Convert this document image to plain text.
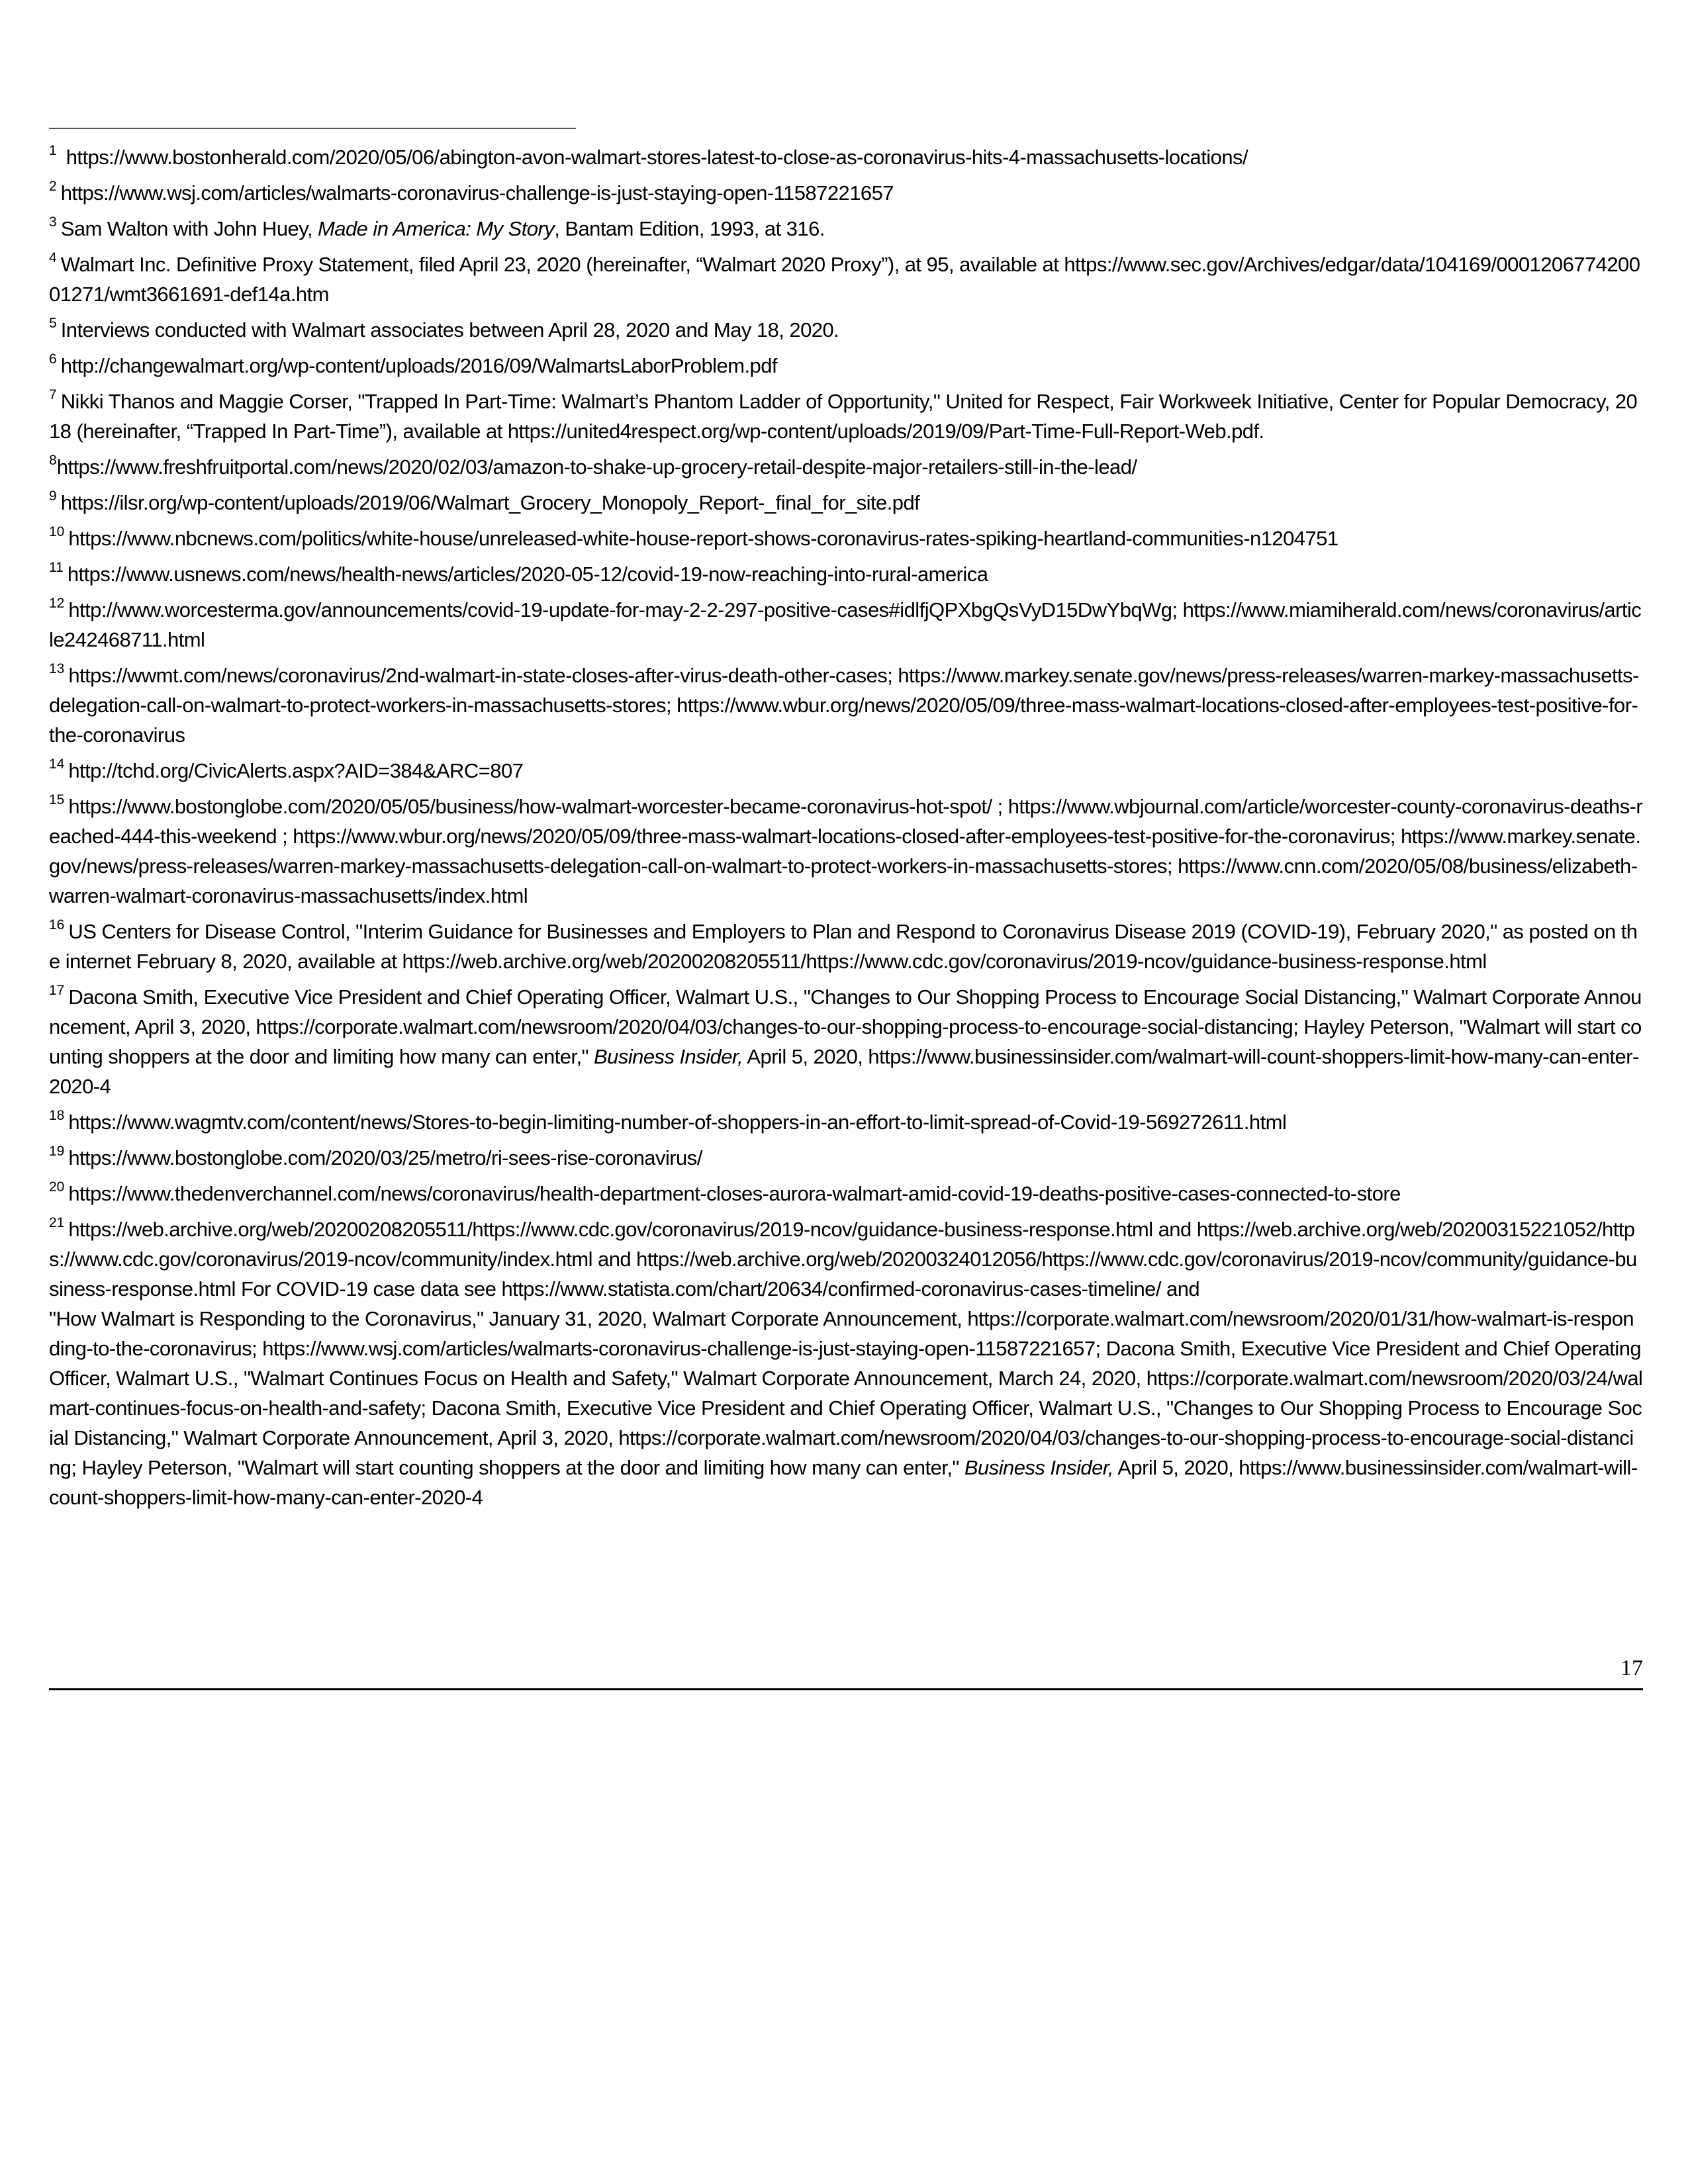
$^1$ https://www.bostonherald.com/2020/05/06/abington-avon-walmart-stores-latest-to-close-as-coronavirus-hits-4-massachusetts-locations/

$^2$ https://www.wsj.com/articles/walmarts-coronavirus-challenge-is-just-staying-open-11587221657

$^3$ Sam Walton with John Huey, Made in America: My Story, Bantam Edition, 1993, at 316.

$^4$ Walmart Inc. Definitive Proxy Statement, filed April 23, 2020 (hereinafter, “Walmart 2020 Proxy”), at 95, available at https://www.sec.gov/Archives/edgar/data/104169/000120677420001271/wmt3661691-def14a.htm

$^5$ Interviews conducted with Walmart associates between April 28, 2020 and May 18, 2020.

$^6$ http://changewalmart.org/wp-content/uploads/2016/09/WalmartsLaborProblem.pdf

$^7$ Nikki Thanos and Maggie Corser, "Trapped In Part-Time: Walmart’s Phantom Ladder of Opportunity," United for Respect, Fair Workweek Initiative, Center for Popular Democracy, 2018 (hereinafter, “Trapped In Part-Time”), available at https://united4respect.org/wp-content/uploads/2019/09/Part-Time-Full-Report-Web.pdf.

$^8$https://www.freshfruitportal.com/news/2020/02/03/amazon-to-shake-up-grocery-retail-despite-major-retailers-still-in-the-lead/

$^9$ https://ilsr.org/wp-content/uploads/2019/06/Walmart_Grocery_Monopoly_Report-_final_for_site.pdf

$^{10}$ https://www.nbcnews.com/politics/white-house/unreleased-white-house-report-shows-coronavirus-rates-spiking-heartland-communities-n1204751

$^{11}$ https://www.usnews.com/news/health-news/articles/2020-05-12/covid-19-now-reaching-into-rural-america

$^{12}$ http://www.worcesterma.gov/announcements/covid-19-update-for-may-2-2-297-positive-cases#idlfjQPXbgQsVyD15DwYbqWg; https://www.miamiherald.com/news/coronavirus/article242468711.html

$^{13}$ https://wwmt.com/news/coronavirus/2nd-walmart-in-state-closes-after-virus-death-other-cases; https://www.markey.senate.gov/news/press-releases/warren-markey-massachusetts-delegation-call-on-walmart-to-protect-workers-in-massachusetts-stores; https://www.wbur.org/news/2020/05/09/three-mass-walmart-locations-closed-after-employees-test-positive-for-the-coronavirus

$^{14}$ http://tchd.org/CivicAlerts.aspx?AID=384&ARC=807

$^{15}$ https://www.bostonglobe.com/2020/05/05/business/how-walmart-worcester-became-coronavirus-hot-spot/ ; https://www.wbjournal.com/article/worcester-county-coronavirus-deaths-reached-444-this-weekend ; https://www.wbur.org/news/2020/05/09/three-mass-walmart-locations-closed-after-employees-test-positive-for-the-coronavirus; https://www.markey.senate.gov/news/press-releases/warren-markey-massachusetts-delegation-call-on-walmart-to-protect-workers-in-massachusetts-stores; https://www.cnn.com/2020/05/08/business/elizabeth-warren-walmart-coronavirus-massachusetts/index.html

$^{16}$ US Centers for Disease Control, "Interim Guidance for Businesses and Employers to Plan and Respond to Coronavirus Disease 2019 (COVID-19), February 2020," as posted on the internet February 8, 2020, available at https://web.archive.org/web/20200208205511/https://www.cdc.gov/coronavirus/2019-ncov/guidance-business-response.html

$^{17}$ Dacona Smith, Executive Vice President and Chief Operating Officer, Walmart U.S., "Changes to Our Shopping Process to Encourage Social Distancing," Walmart Corporate Announcement, April 3, 2020, https://corporate.walmart.com/newsroom/2020/04/03/changes-to-our-shopping-process-to-encourage-social-distancing; Hayley Peterson, "Walmart will start counting shoppers at the door and limiting how many can enter," Business Insider, April 5, 2020, https://www.businessinsider.com/walmart-will-count-shoppers-limit-how-many-can-enter-2020-4

$^{18}$ https://www.wagmtv.com/content/news/Stores-to-begin-limiting-number-of-shoppers-in-an-effort-to-limit-spread-of-Covid-19-569272611.html

$^{19}$ https://www.bostonglobe.com/2020/03/25/metro/ri-sees-rise-coronavirus/

$^{20}$ https://www.thedenverchannel.com/news/coronavirus/health-department-closes-aurora-walmart-amid-covid-19-deaths-positive-cases-connected-to-store

$^{21}$ https://web.archive.org/web/20200208205511/https://www.cdc.gov/coronavirus/2019-ncov/guidance-business-response.html and https://web.archive.org/web/20200315221052/https://www.cdc.gov/coronavirus/2019-ncov/community/index.html and https://web.archive.org/web/20200324012056/https://www.cdc.gov/coronavirus/2019-ncov/community/guidance-business-response.html For COVID-19 case data see https://www.statista.com/chart/20634/confirmed-coronavirus-cases-timeline/ and
"How Walmart is Responding to the Coronavirus," January 31, 2020, Walmart Corporate Announcement, https://corporate.walmart.com/newsroom/2020/01/31/how-walmart-is-responding-to-the-coronavirus; https://www.wsj.com/articles/walmarts-coronavirus-challenge-is-just-staying-open-11587221657; Dacona Smith, Executive Vice President and Chief Operating Officer, Walmart U.S., "Walmart Continues Focus on Health and Safety," Walmart Corporate Announcement, March 24, 2020, https://corporate.walmart.com/newsroom/2020/03/24/walmart-continues-focus-on-health-and-safety; Dacona Smith, Executive Vice President and Chief Operating Officer, Walmart U.S., "Changes to Our Shopping Process to Encourage Social Distancing," Walmart Corporate Announcement, April 3, 2020, https://corporate.walmart.com/newsroom/2020/04/03/changes-to-our-shopping-process-to-encourage-social-distancing; Hayley Peterson, "Walmart will start counting shoppers at the door and limiting how many can enter," Business Insider, April 5, 2020, https://www.businessinsider.com/walmart-will-count-shoppers-limit-how-many-can-enter-2020-4

17
